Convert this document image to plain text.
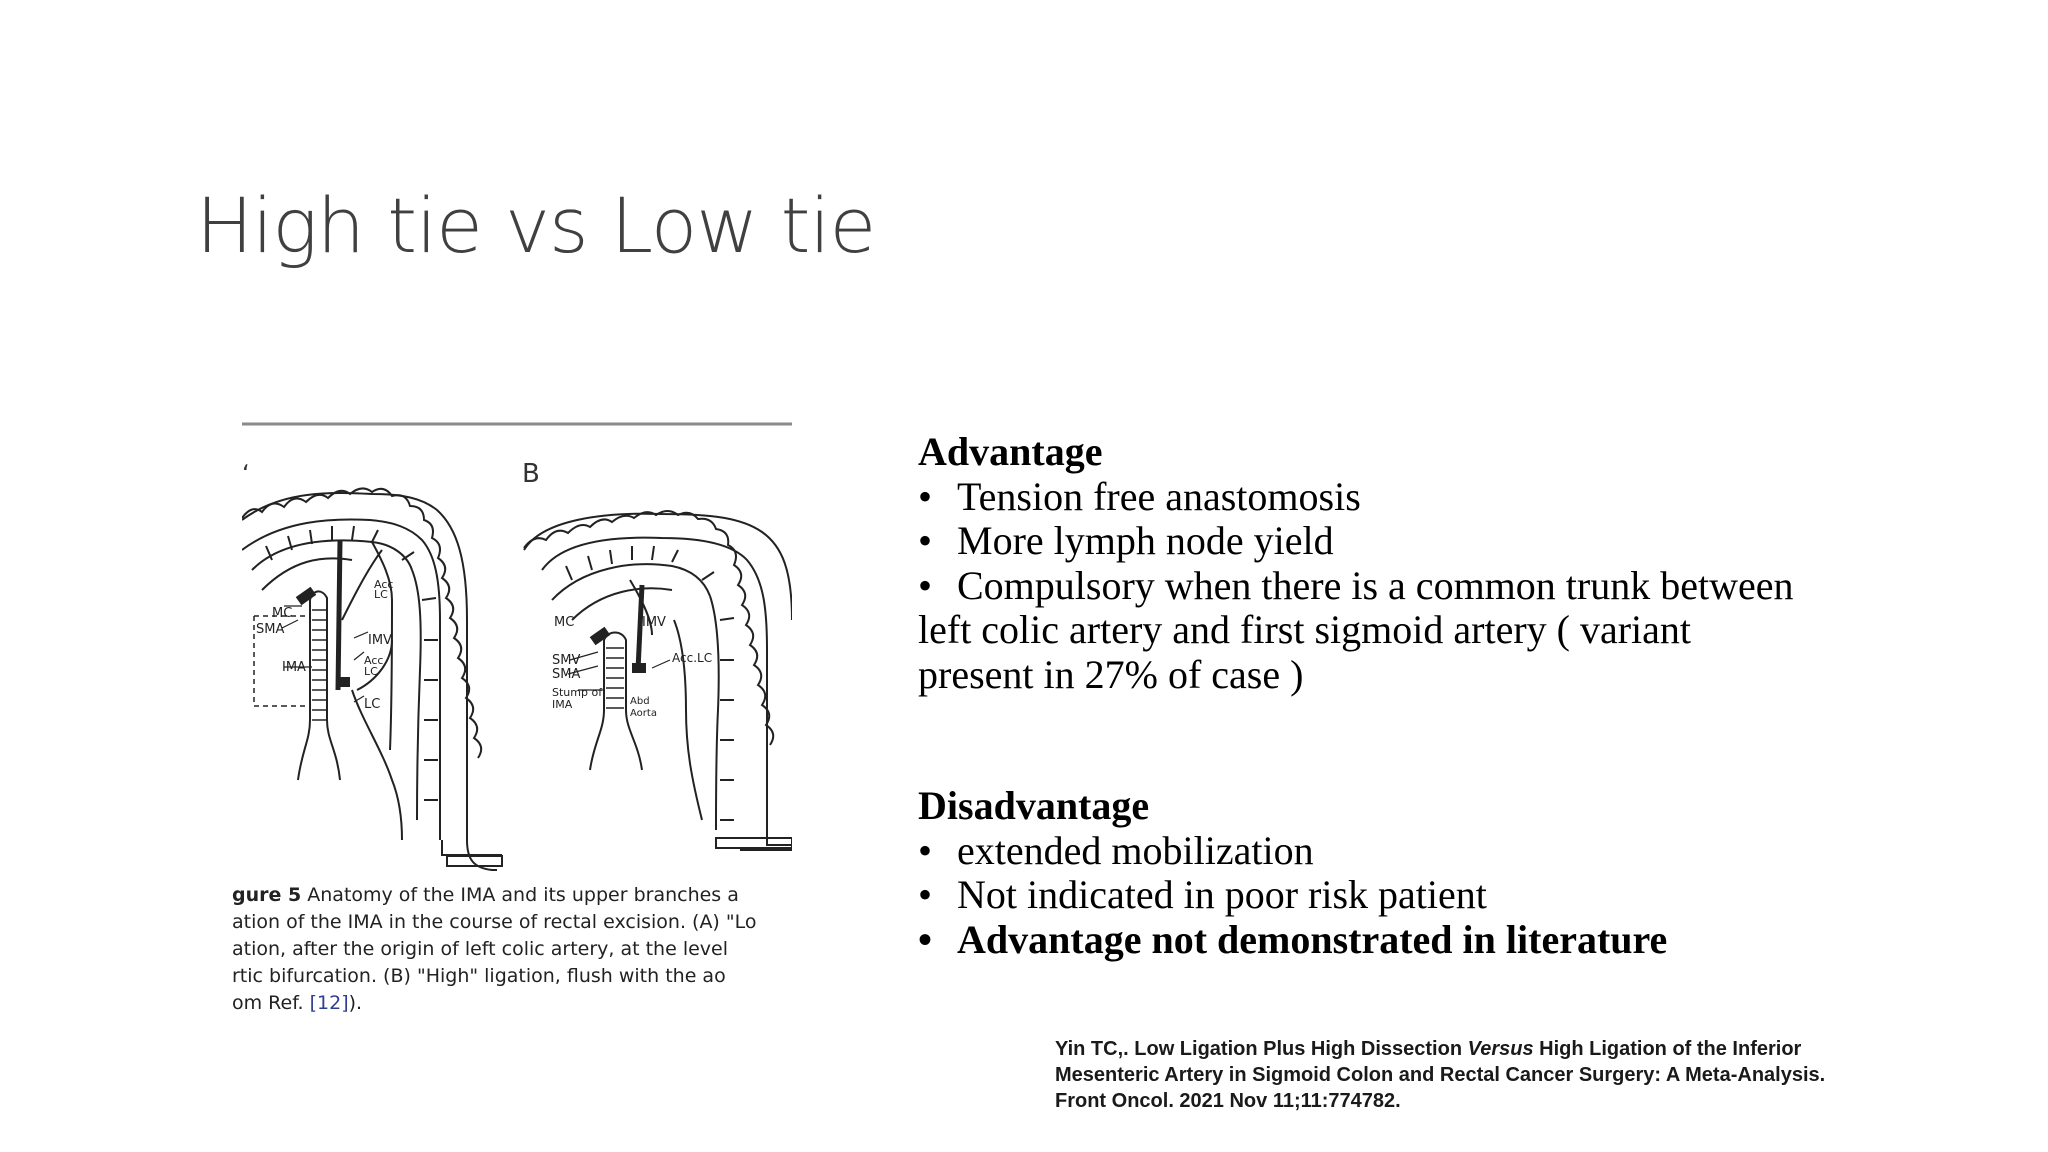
High tie vs Low tie
ʻ	B
MC
SMA
IMA
Acc
LC
IMV
Acc
LC
LC
MC	IMV
SMV
SMA
Acc.LC
Stump of
IMA	Abd
Aorta
gure 5 Anatomy of the IMA and its upper branches a
ation of the IMA in the course of rectal excision. (A) "Lo
ation, after the origin of left colic artery, at the level
rtic bifurcation. (B) "High" ligation, flush with the ao
om Ref. [12]).
Advantage
• Tension free anastomosis
• More lymph node yield
• Compulsory when there is a common trunk between
left colic artery and first sigmoid artery ( variant
present in 27% of case )
Disadvantage
• extended mobilization
• Not indicated in poor risk patient
• Advantage not demonstrated in literature
Yin TC,. Low Ligation Plus High Dissection Versus High Ligation of the Inferior
Mesenteric Artery in Sigmoid Colon and Rectal Cancer Surgery: A Meta-Analysis.
Front Oncol. 2021 Nov 11;11:774782.
